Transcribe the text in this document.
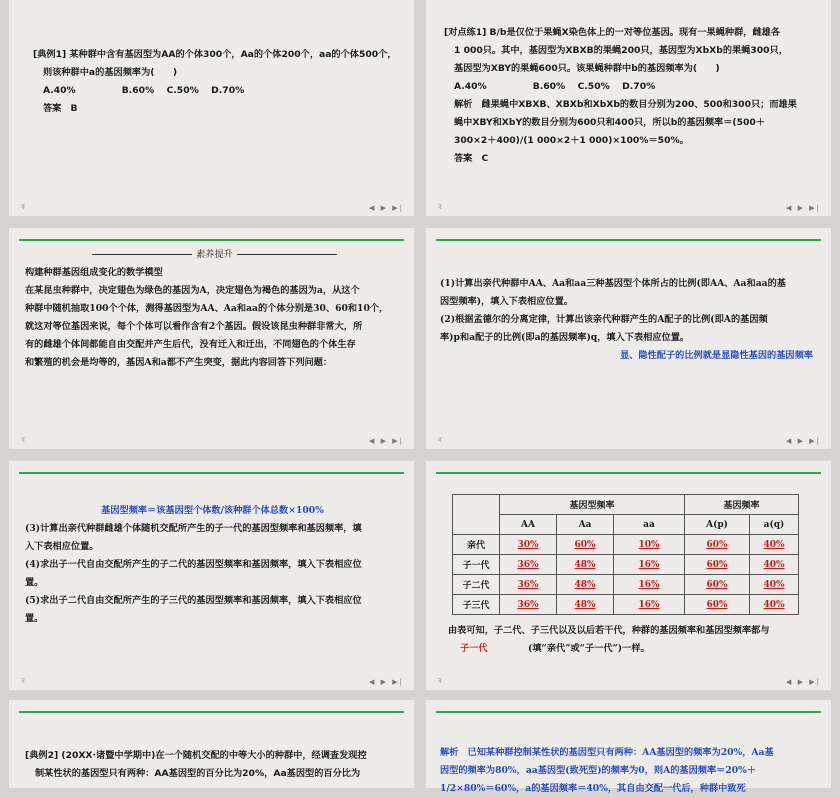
[典例1] 某种群中含有基因型为AA的个体300个，Aa的个体200个，aa的个体500个，
则该种群中a的基因频率为(　　)
A.40%　　　　　B.60%　 C.50%　 D.70%
答案　B
ৰ	◀ ▶ ▶|
[对点练1] B/b是仅位于果蝇X染色体上的一对等位基因。现有一果蝇种群，雌雄各
1 000只。其中，基因型为XBXB的果蝇200只，基因型为XbXb的果蝇300只，
基因型为XBY的果蝇600只。该果蝇种群中b的基因频率为(　　)
A.40%　　　　　B.60%　 C.50%　 D.70%
解析　雌果蝇中XBXB、XBXb和XbXb的数目分别为200、500和300只；而雄果
蝇中XBY和XbY的数目分别为600只和400只，所以b的基因频率＝(500＋
300×2＋400)/(1 000×2＋1 000)×100%＝50%。
答案　C
ৰ	◀ ▶ ▶|
素养提升
构建种群基因组成变化的数学模型
在某昆虫种群中，决定翅色为绿色的基因为A，决定翅色为褐色的基因为a，从这个
种群中随机抽取100个个体，测得基因型为AA、Aa和aa的个体分别是30、60和10个，
就这对等位基因来说，每个个体可以看作含有2个基因。假设该昆虫种群非常大，所
有的雌雄个体间都能自由交配并产生后代，没有迁入和迁出，不同翅色的个体生存
和繁殖的机会是均等的，基因A和a都不产生突变，据此内容回答下列问题：
ৰ	◀ ▶ ▶|
(1)计算出亲代种群中AA、Aa和aa三种基因型个体所占的比例(即AA、Aa和aa的基
因型频率)，填入下表相应位置。
(2)根据孟德尔的分离定律，计算出该亲代种群产生的A配子的比例(即A的基因频
率)p和a配子的比例(即a的基因频率)q，填入下表相应位置。
显、隐性配子的比例就是显隐性基因的基因频率
ৰ	◀ ▶ ▶|
基因型频率＝该基因型个体数/该种群个体总数×100%
(3)计算出亲代种群雌雄个体随机交配所产生的子一代的基因型频率和基因频率，填
入下表相应位置。
(4)求出子一代自由交配所产生的子二代的基因型频率和基因频率，填入下表相应位
置。
(5)求出子二代自由交配所产生的子三代的基因型频率和基因频率，填入下表相应位
置。
ৰ	◀ ▶ ▶|
	基因型频率			基因频率	
	AA	Aa	aa	A(p)	a(q)
亲代	30%	60%	10%	60%	40%
子一代	36%	48%	16%	60%	40%
子二代	36%	48%	16%	60%	40%
子三代	36%	48%	16%	60%	40%
由表可知，子二代、子三代以及以后若干代，种群的基因频率和基因型频率都与
子一代	(填“亲代”或“子一代”)一样。
ৰ	◀ ▶ ▶|
[典例2] (20XX·诸暨中学期中)在一个随机交配的中等大小的种群中，经调查发现控
制某性状的基因型只有两种：AA基因型的百分比为20%，Aa基因型的百分比为
解析　已知某种群控制某性状的基因型只有两种：AA基因型的频率为20%，Aa基
因型的频率为80%，aa基因型(致死型)的频率为0，则A的基因频率＝20%＋
1/2×80%＝60%，a的基因频率＝40%，其自由交配一代后，种群中致死
